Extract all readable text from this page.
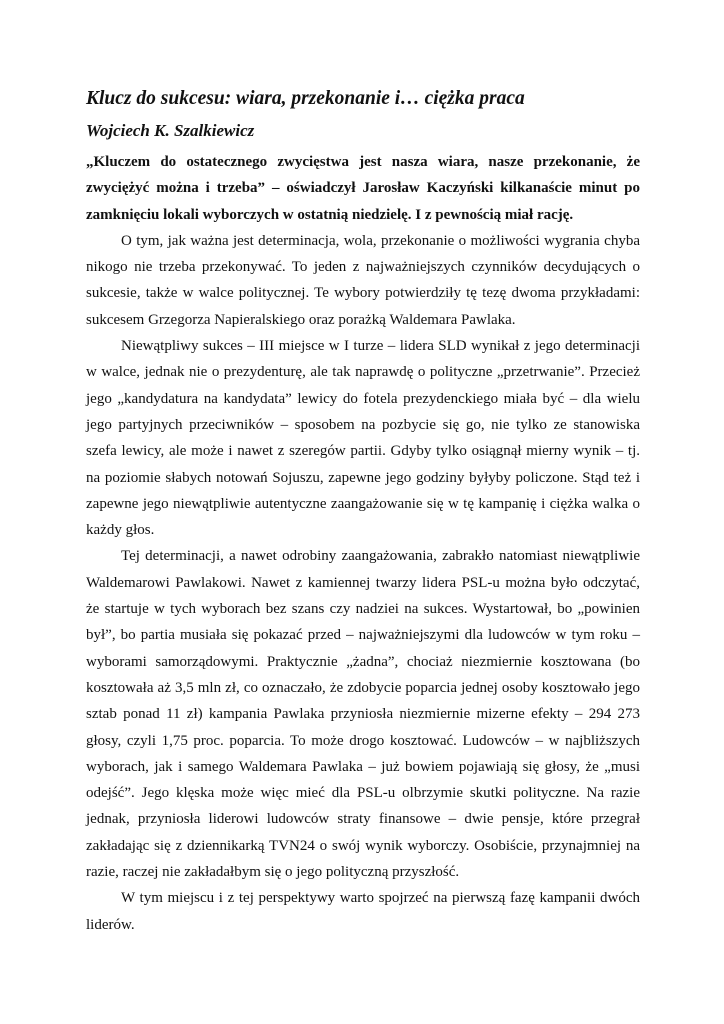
Klucz do sukcesu: wiara, przekonanie i… ciężka praca
Wojciech K. Szalkiewicz

„Kluczem do ostatecznego zwycięstwa jest nasza wiara, nasze przekonanie, że zwyciężyć można i trzeba” – oświadczył Jarosław Kaczyński kilkanaście minut po zamknięciu lokali wyborczych w ostatnią niedzielę. I z pewnością miał rację.

O tym, jak ważna jest determinacja, wola, przekonanie o możliwości wygrania chyba nikogo nie trzeba przekonywać. To jeden z najważniejszych czynników decydujących o sukcesie, także w walce politycznej. Te wybory potwierdziły tę tezę dwoma przykładami: sukcesem Grzegorza Napieralskiego oraz porażką Waldemara Pawlaka.

Niewątpliwy sukces – III miejsce w I turze – lidera SLD wynikał z jego determinacji w walce, jednak nie o prezydenturę, ale tak naprawdę o polityczne „przetrwanie”. Przecież jego „kandydatura na kandydata” lewicy do fotela prezydenckiego miała być – dla wielu jego partyjnych przeciwników – sposobem na pozbycie się go, nie tylko ze stanowiska szefa lewicy, ale może i nawet z szeregów partii. Gdyby tylko osiągnął mierny wynik – tj. na poziomie słabych notowań Sojuszu, zapewne jego godziny byłyby policzone. Stąd też i zapewne jego niewątpliwie autentyczne zaangażowanie się w tę kampanię i ciężka walka o każdy głos.

Tej determinacji, a nawet odrobiny zaangażowania, zabrakło natomiast niewątpliwie Waldemarowi Pawlakowi. Nawet z kamiennej twarzy lidera PSL-u można było odczytać, że startuje w tych wyborach bez szans czy nadziei na sukces. Wystartował, bo „powinien był”, bo partia musiała się pokazać przed – najważniejszymi dla ludowców w tym roku – wyborami samorządowymi. Praktycznie „żadna”, chociaż niezmiernie kosztowana (bo kosztowała aż 3,5 mln zł, co oznaczało, że zdobycie poparcia jednej osoby kosztowało jego sztab ponad 11 zł) kampania Pawlaka przyniosła niezmiernie mizerne efekty – 294 273 głosy, czyli 1,75 proc. poparcia. To może drogo kosztować. Ludowców – w najbliższych wyborach, jak i samego Waldemara Pawlaka – już bowiem pojawiają się głosy, że „musi odejść”. Jego klęska może więc mieć dla PSL-u olbrzymie skutki polityczne. Na razie jednak, przyniosła liderowi ludowców straty finansowe – dwie pensje, które przegrał zakładając się z dziennikarką TVN24 o swój wynik wyborczy. Osobiście, przynajmniej na razie, raczej nie zakładałbym się o jego polityczną przyszłość.

W tym miejscu i z tej perspektywy warto spojrzeć na pierwszą fazę kampanii dwóch liderów.
